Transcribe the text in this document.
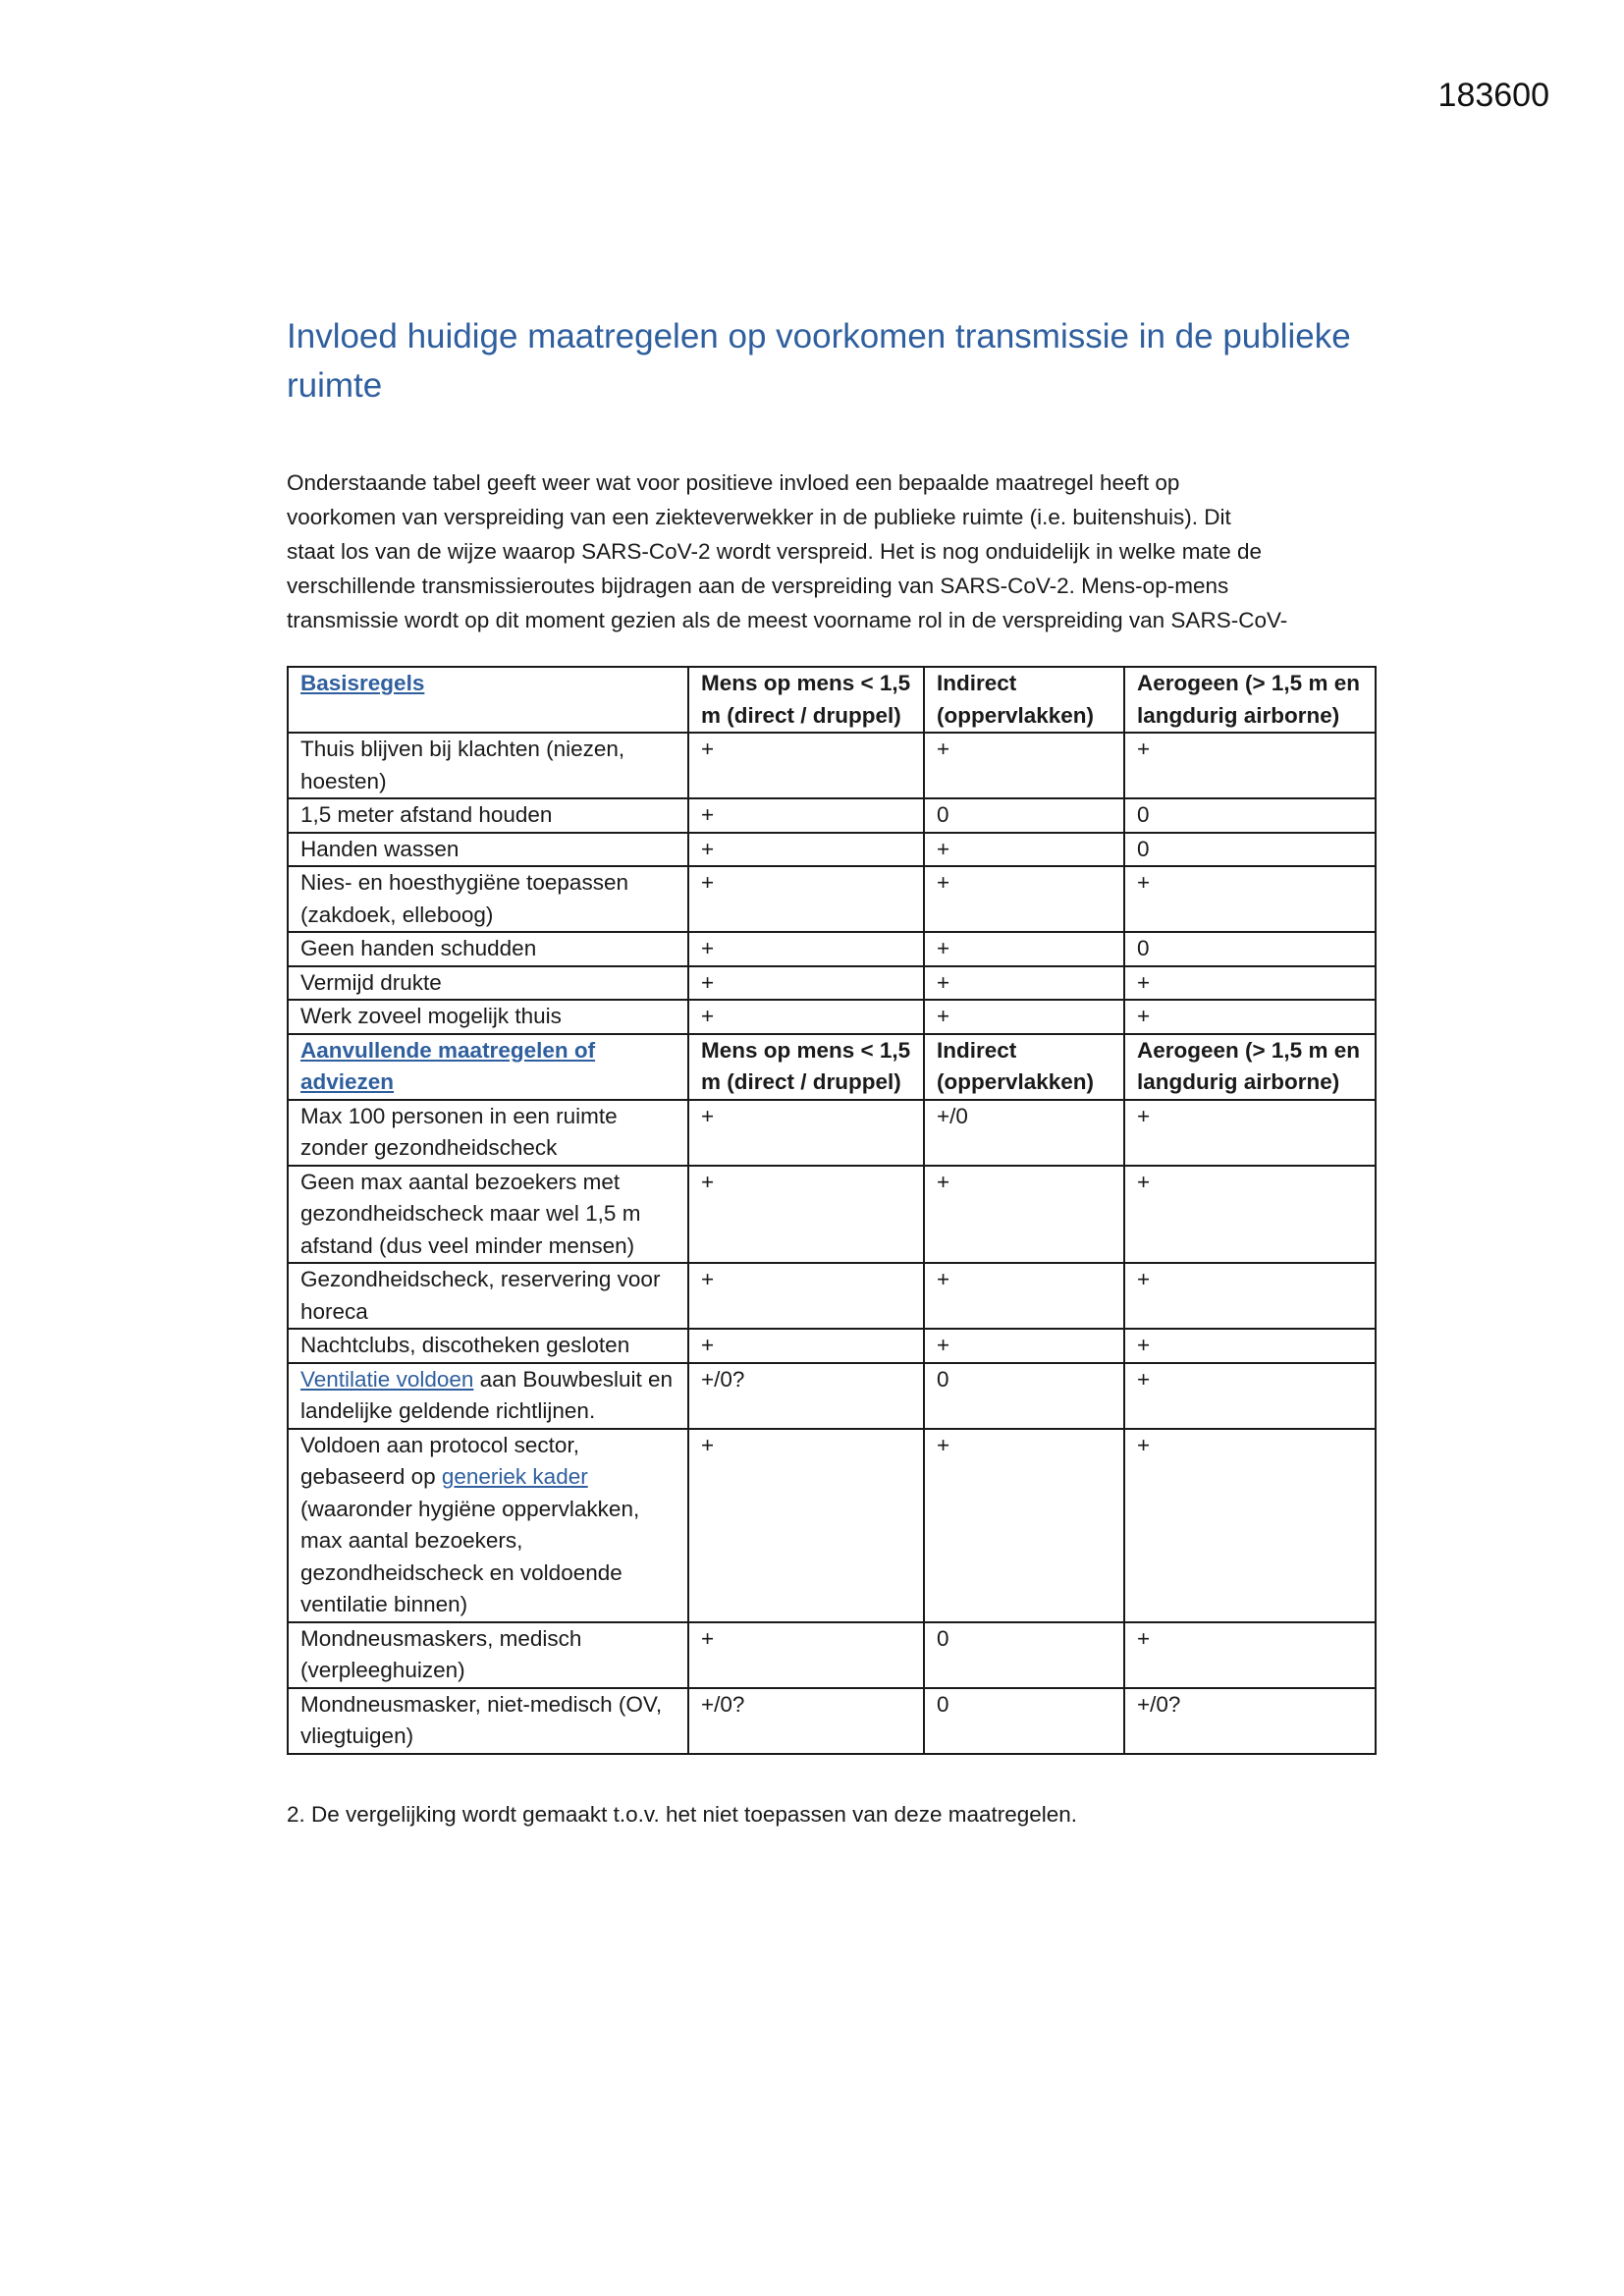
183600
Invloed huidige maatregelen op voorkomen transmissie in de publieke ruimte

Onderstaande tabel geeft weer wat voor positieve invloed een bepaalde maatregel heeft op
voorkomen van verspreiding van een ziekteverwekker in de publieke ruimte (i.e. buitenshuis). Dit
staat los van de wijze waarop SARS-CoV-2 wordt verspreid. Het is nog onduidelijk in welke mate de
verschillende transmissieroutes bijdragen aan de verspreiding van SARS-CoV-2. Mens-op-mens
transmissie wordt op dit moment gezien als de meest voorname rol in de verspreiding van SARS-CoV-

Basisregels	Mens op mens < 1,5 m (direct / druppel)	Indirect (oppervlakken)	Aerogeen (> 1,5 m en langdurig airborne)
Thuis blijven bij klachten (niezen, hoesten)	+	+	+
1,5 meter afstand houden	+	0	0
Handen wassen	+	+	0
Nies- en hoesthygiëne toepassen (zakdoek, elleboog)	+	+	+
Geen handen schudden	+	+	0
Vermijd drukte	+	+	+
Werk zoveel mogelijk thuis	+	+	+
Aanvullende maatregelen of adviezen	Mens op mens < 1,5 m (direct / druppel)	Indirect (oppervlakken)	Aerogeen (> 1,5 m en langdurig airborne)
Max 100 personen in een ruimte zonder gezondheidscheck	+	+/0	+
Geen max aantal bezoekers met gezondheidscheck maar wel 1,5 m afstand (dus veel minder mensen)	+	+	+
Gezondheidscheck, reservering voor horeca	+	+	+
Nachtclubs, discotheken gesloten	+	+	+
Ventilatie voldoen aan Bouwbesluit en landelijke geldende richtlijnen.	+/0?	0	+
Voldoen aan protocol sector, gebaseerd op generiek kader (waaronder hygiëne oppervlakken, max aantal bezoekers, gezondheidscheck en voldoende ventilatie binnen)	+	+	+
Mondneusmaskers, medisch (verpleeghuizen)	+	0	+
Mondneusmasker, niet-medisch (OV, vliegtuigen)	+/0?	0	+/0?

2. De vergelijking wordt gemaakt t.o.v. het niet toepassen van deze maatregelen.
